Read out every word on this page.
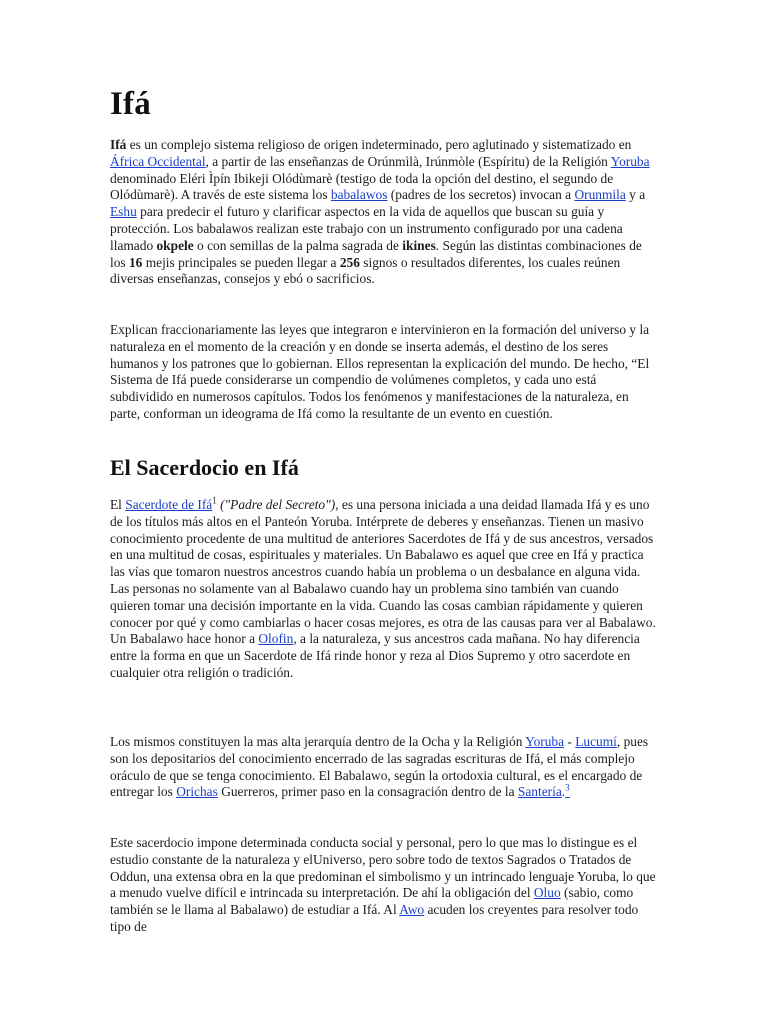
Ifá
Ifá es un complejo sistema religioso de origen indeterminado, pero aglutinado y sistematizado en África Occidental, a partir de las enseñanzas de Orúnmìlà, Irúnmòle (Espíritu) de la Religión Yoruba denominado Eléri Ìpín Ibikeji Olódùmarè (testigo de toda la opción del destino, el segundo de Olódùmarè). A través de este sistema los babalawos (padres de los secretos) invocan a Orunmila y a Eshu para predecir el futuro y clarificar aspectos en la vida de aquellos que buscan su guía y protección. Los babalawos realizan este trabajo con un instrumento configurado por una cadena llamado okpele o con semillas de la palma sagrada de ikines. Según las distintas combinaciones de los 16 mejis principales se pueden llegar a 256 signos o resultados diferentes, los cuales reúnen diversas enseñanzas, consejos y ebó o sacrificios.
Explican fraccionariamente las leyes que integraron e intervinieron en la formación del universo y la naturaleza en el momento de la creación y en donde se inserta además, el destino de los seres humanos y los patrones que lo gobiernan. Ellos representan la explicación del mundo. De hecho, “El Sistema de Ifá puede considerarse un compendio de volúmenes completos, y cada uno está subdividido en numerosos capítulos. Todos los fenómenos y manifestaciones de la naturaleza, en parte, conforman un ideograma de Ifá como la resultante de un evento en cuestión.
El Sacerdocio en Ifá
El Sacerdote de Ifá$^1$ ("Padre del Secreto"), es una persona iniciada a una deidad llamada Ifá y es uno de los títulos más altos en el Panteón Yoruba. Intérprete de deberes y enseñanzas. Tienen un masivo conocimiento procedente de una multitud de anteriores Sacerdotes de Ifá y de sus ancestros, versados en una multitud de cosas, espirituales y materiales. Un Babalawo es aquel que cree en Ifá y practica las vías que tomaron nuestros ancestros cuando había un problema o un desbalance en alguna vida. Las personas no solamente van al Babalawo cuando hay un problema sino también van cuando quieren tomar una decisión importante en la vida. Cuando las cosas cambian rápidamente y quieren conocer por qué y como cambiarlas o hacer cosas mejores, es otra de las causas para ver al Babalawo. Un Babalawo hace honor a Olofin, a la naturaleza, y sus ancestros cada mañana. No hay diferencia entre la forma en que un Sacerdote de Ifá rinde honor y reza al Dios Supremo y otro sacerdote en cualquier otra religión o tradición.
Los mismos constituyen la mas alta jerarquía dentro de la Ocha y la Religión Yoruba - Lucumí, pues son los depositarios del conocimiento encerrado de las sagradas escrituras de Ifá, el más complejo oráculo de que se tenga conocimiento. El Babalawo, según la ortodoxia cultural, es el encargado de entregar los Orichas Guerreros, primer paso en la consagración dentro de la Santería.$^3$
Este sacerdocio impone determinada conducta social y personal, pero lo que mas lo distingue es el estudio constante de la naturaleza y elUniverso, pero sobre todo de textos Sagrados o Tratados de Oddun, una extensa obra en la que predominan el simbolismo y un intrincado lenguaje Yoruba, lo que a menudo vuelve difícil e intrincada su interpretación. De ahí la obligación del Oluo (sabio, como también se le llama al Babalawo) de estudiar a Ifá. Al Awo acuden los creyentes para resolver todo tipo de
